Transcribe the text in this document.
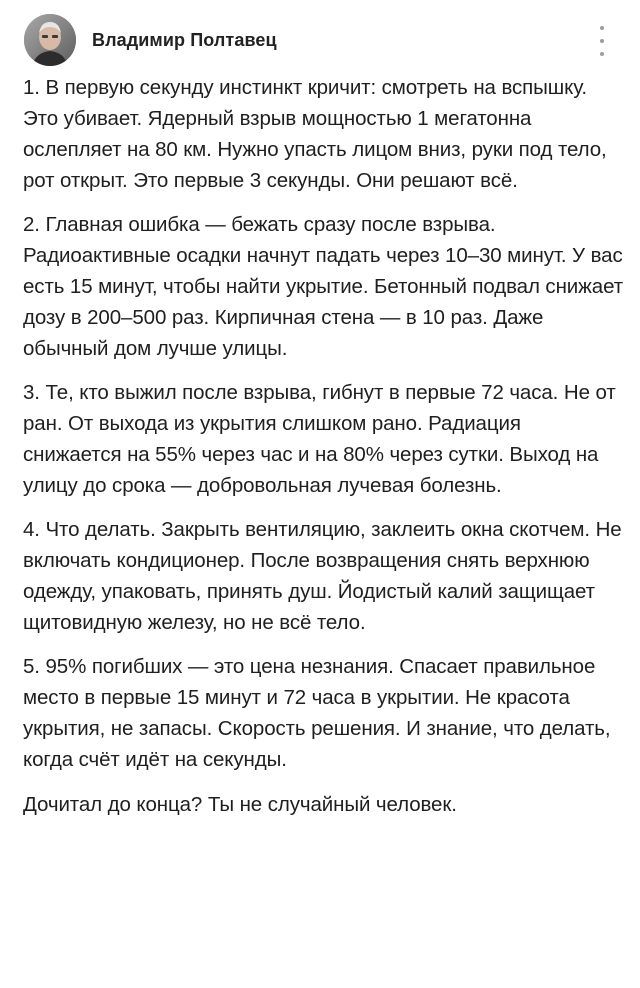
Владимир Полтавец

1. В первую секунду инстинкт кричит: смотреть на вспышку. Это убивает. Ядерный взрыв мощностью 1 мегатонна ослепляет на 80 км. Нужно упасть лицом вниз, руки под тело, рот открыт. Это первые 3 секунды. Они решают всё.

2. Главная ошибка — бежать сразу после взрыва. Радиоактивные осадки начнут падать через 10–30 минут. У вас есть 15 минут, чтобы найти укрытие. Бетонный подвал снижает дозу в 200–500 раз. Кирпичная стена — в 10 раз. Даже обычный дом лучше улицы.

3. Те, кто выжил после взрыва, гибнут в первые 72 часа. Не от ран. От выхода из укрытия слишком рано. Радиация снижается на 55% через час и на 80% через сутки. Выход на улицу до срока — добровольная лучевая болезнь.

4. Что делать. Закрыть вентиляцию, заклеить окна скотчем. Не включать кондиционер. После возвращения снять верхнюю одежду, упаковать, принять душ. Йодистый калий защищает щитовидную железу, но не всё тело.

5. 95% погибших — это цена незнания. Спасает правильное место в первые 15 минут и 72 часа в укрытии. Не красота укрытия, не запасы. Скорость решения. И знание, что делать, когда счёт идёт на секунды.

Дочитал до конца? Ты не случайный человек.
